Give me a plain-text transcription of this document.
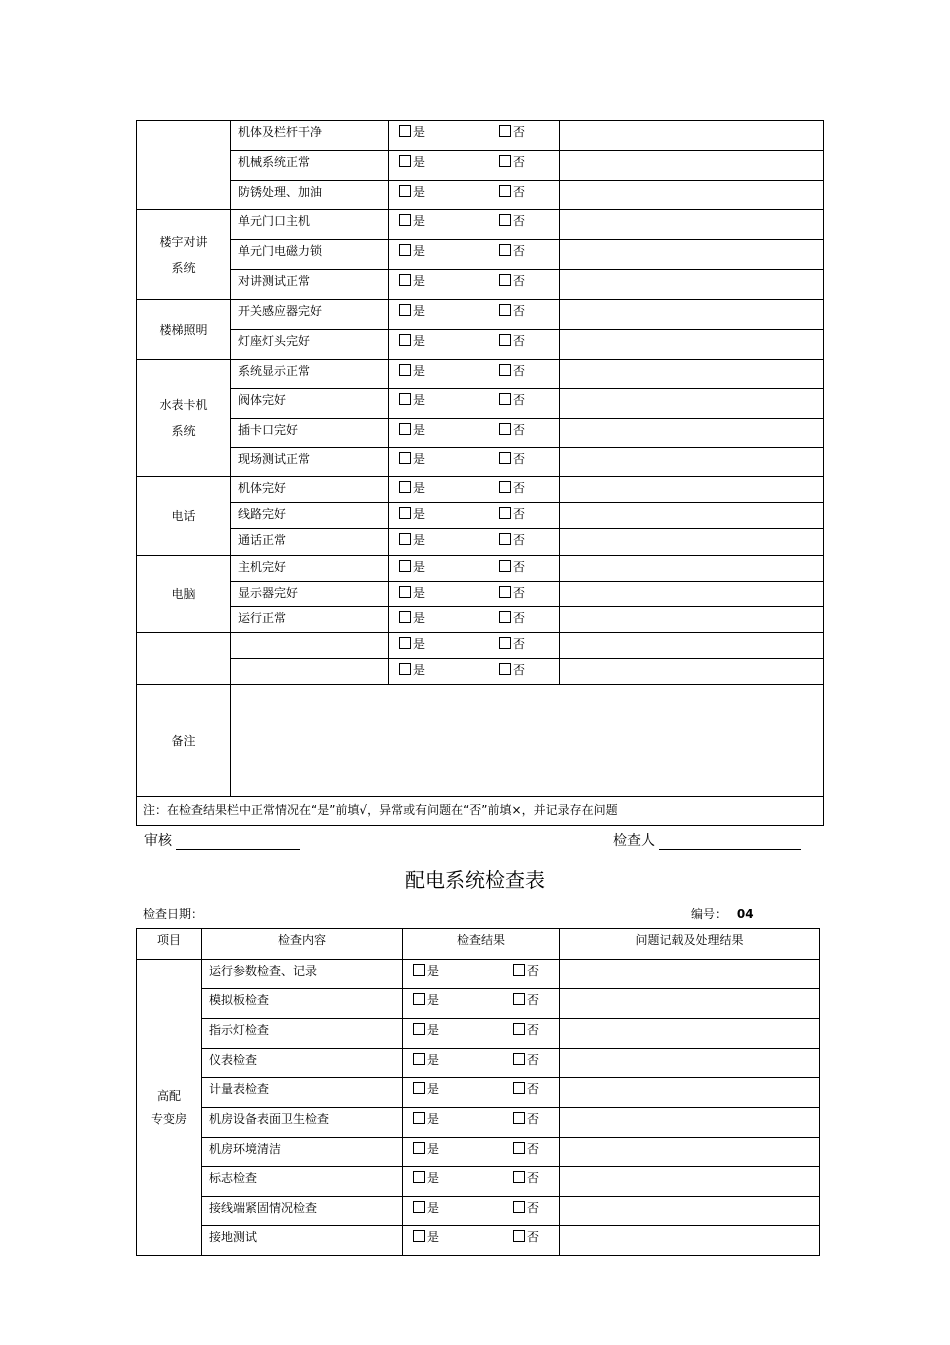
	机体及栏杆干净	是 否	

	机械系统正常	是 否	

	防锈处理、加油	是 否	

楼宇对讲
系统	单元门口主机	是 否	

	单元门电磁力锁	是 否	

	对讲测试正常	是 否	

楼梯照明	开关感应器完好	是 否	

	灯座灯头完好	是 否	

水表卡机
系统	系统显示正常	是 否	

	阀体完好	是 否	

	插卡口完好	是 否	

	现场测试正常	是 否	

电话	机体完好	是 否	

	线路完好	是 否	

	通话正常	是 否	

电脑	主机完好	是 否	

	显示器完好	是 否	

	运行正常	是 否	

		是 否	

		是 否	

备注			
注：在检查结果栏中正常情况在“是”前填√，异常或有问题在“否”前填×，并记录存在问题			
审核	检查人
配电系统检查表
检查日期：	编号： 04
项目	检查内容	检查结果	问题记载及处理结果
高配
专变房	运行参数检查、记录	是 否	

	模拟板检查	是 否	

	指示灯检查	是 否	

	仪表检查	是 否	

	计量表检查	是 否	

	机房设备表面卫生检查	是 否	

	机房环境清洁	是 否	

	标志检查	是 否	

	接线端紧固情况检查	是 否	

	接地测试	是 否	
